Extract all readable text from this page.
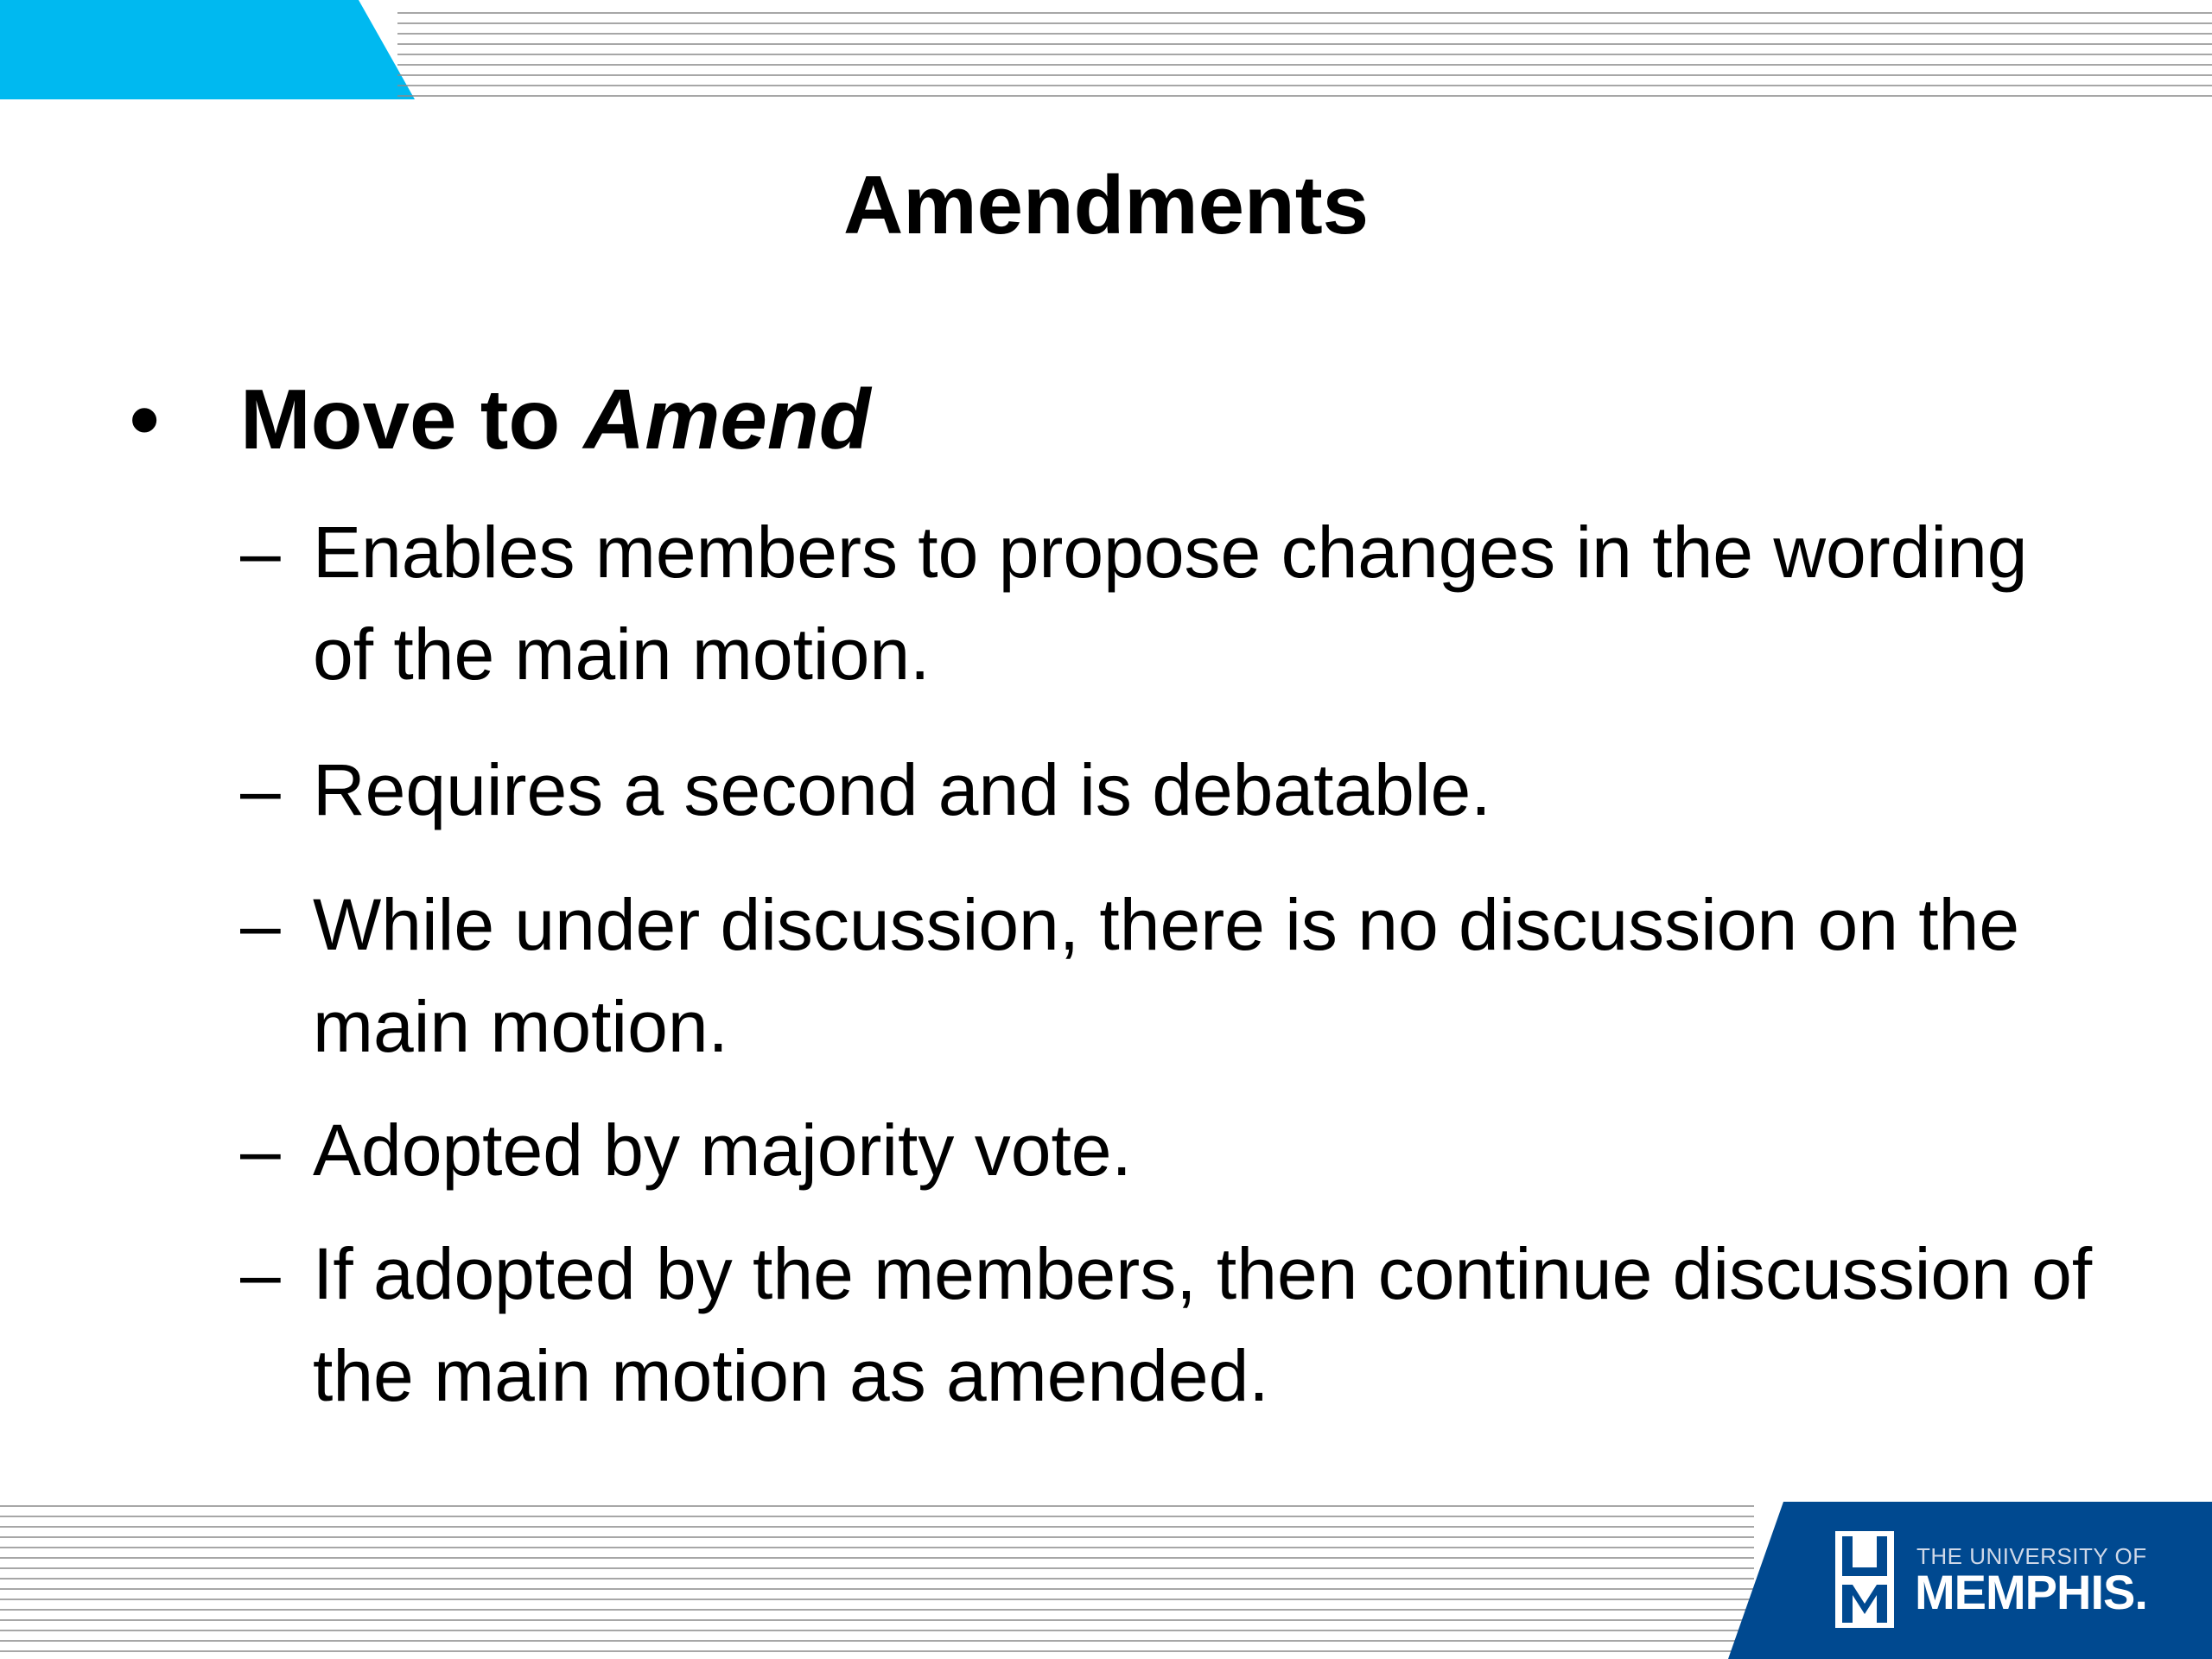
Amendments
• Move to Amend
– Enables members to propose changes in the wording of the main motion.
– Requires a second and is debatable.
– While under discussion, there is no discussion on the main motion.
– Adopted by majority vote.
– If adopted by the members, then continue discussion of the main motion as amended.
THE UNIVERSITY OF
MEMPHIS.
